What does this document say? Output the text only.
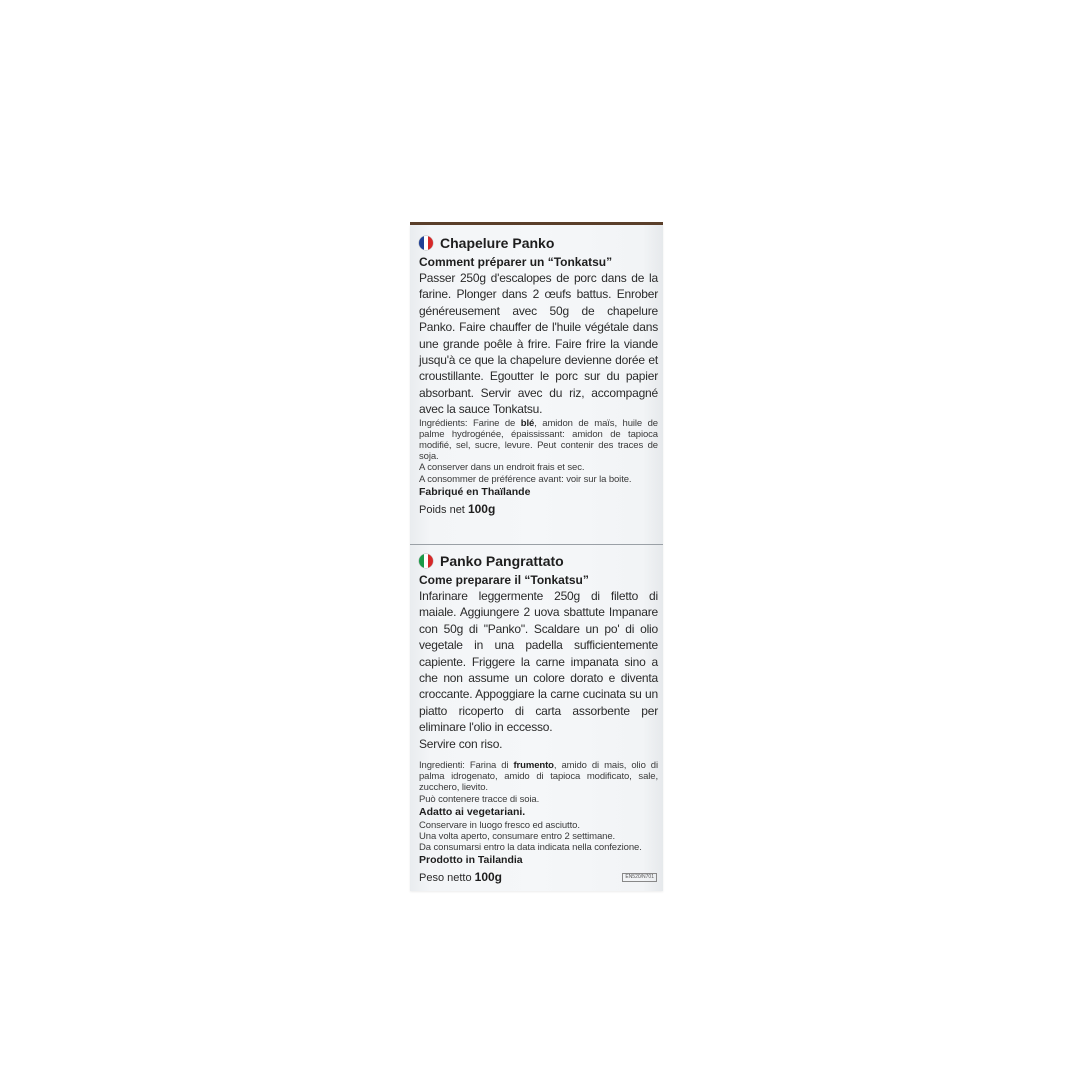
Chapelure Panko
Comment préparer un “Tonkatsu”
Passer 250g d'escalopes de porc dans de la farine. Plonger dans 2 œufs battus. Enrober généreusement avec 50g de chapelure Panko. Faire chauffer de l'huile végétale dans une grande poêle à frire. Faire frire la viande jusqu'à ce que la chapelure devienne dorée et croustillante. Egoutter le porc sur du papier absorbant. Servir avec du riz, accompagné avec la sauce Tonkatsu.
Ingrédients: Farine de blé, amidon de maïs, huile de palme hydrogénée, épaississant: amidon de tapioca modifié, sel, sucre, levure. Peut contenir des traces de soja.
A conserver dans un endroit frais et sec.
A consommer de préférence avant: voir sur la boite.
Fabriqué en Thaïlande
Poids net 100g
Panko Pangrattato
Come preparare il “Tonkatsu”
Infarinare leggermente 250g di filetto di maiale. Aggiungere 2 uova sbattute Impanare con 50g di "Panko". Scaldare un po' di olio vegetale in una padella sufficientemente capiente. Friggere la carne impanata sino a che non assume un colore dorato e diventa croccante. Appoggiare la carne cucinata su un piatto ricoperto di carta assorbente per eliminare l'olio in eccesso.
Servire con riso.
Ingredienti: Farina di frumento, amido di mais, olio di palma idrogenato, amido di tapioca modificato, sale, zucchero, lievito.
Può contenere tracce di soia.
Adatto ai vegetariani.
Conservare in luogo fresco ed asciutto.
Una volta aperto, consumare entro 2 settimane.
Da consumarsi entro la data indicata nella confezione.
Prodotto in Tailandia
Peso netto 100g	EN520/N701
